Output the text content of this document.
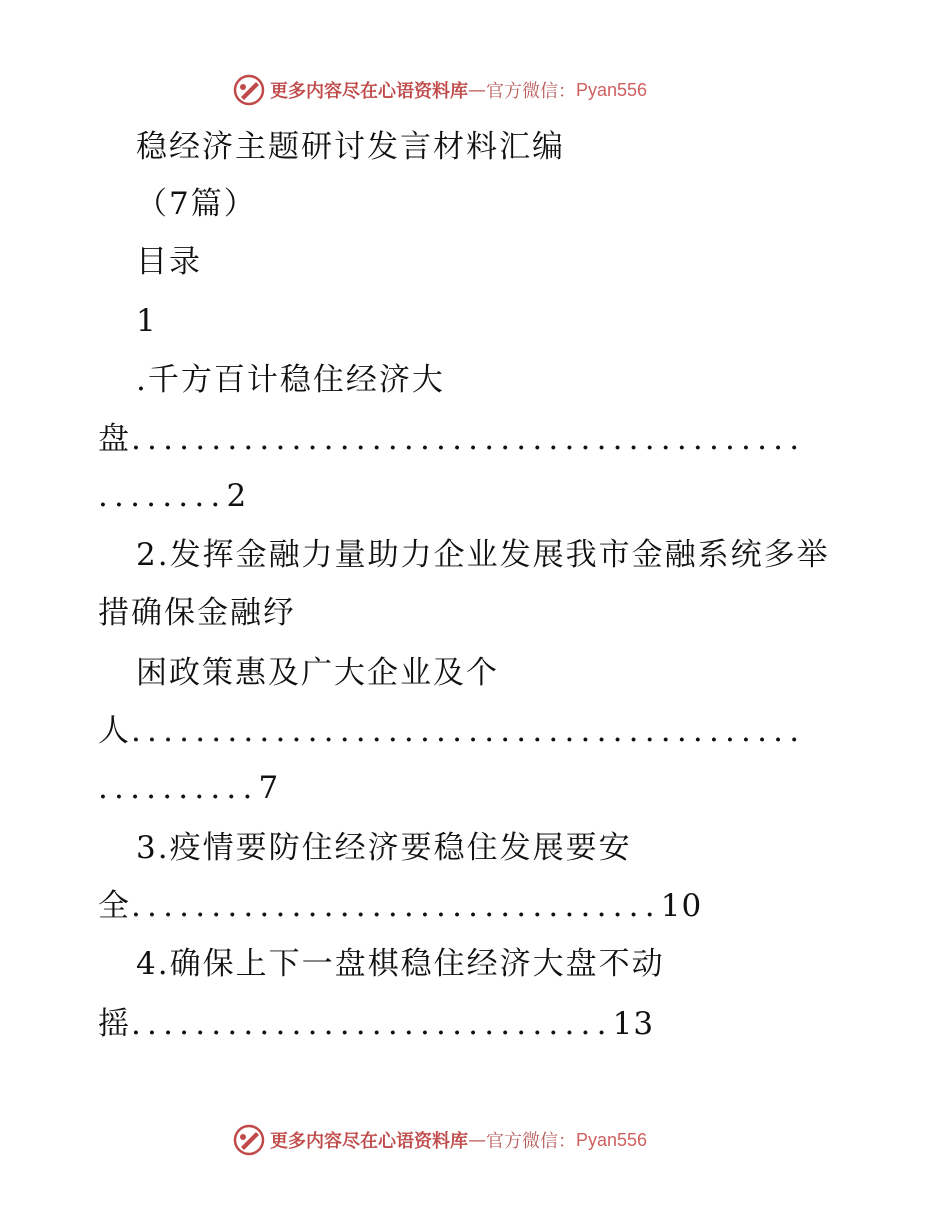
更多内容尽在心语资料库 — 官方微信： Pyan556
稳经济主题研讨发言材料汇编
（7篇）
目录
1
.千方百计稳住经济大
盘..........................................
........2
2.发挥金融力量助力企业发展我市金融系统多举
措确保金融纾
困政策惠及广大企业及个
人..........................................
..........7
3.疫情要防住经济要稳住发展要安
全.................................10
4.确保上下一盘棋稳住经济大盘不动
摇..............................13
更多内容尽在心语资料库 — 官方微信： Pyan556
